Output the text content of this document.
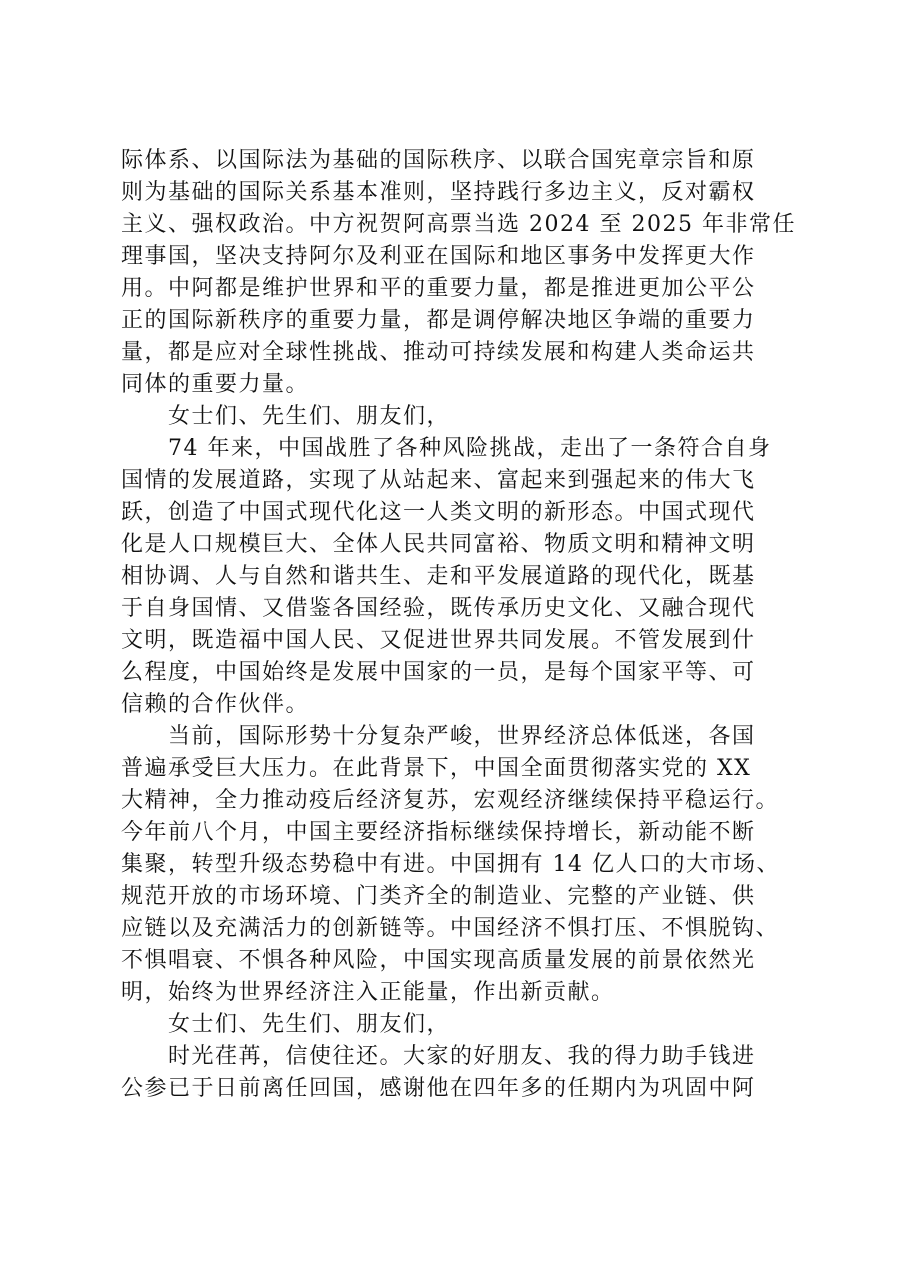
际体系、以国际法为基础的国际秩序、以联合国宪章宗旨和原
则为基础的国际关系基本准则，坚持践行多边主义，反对霸权
主义、强权政治。中方祝贺阿高票当选 2024 至 2025 年非常任
理事国，坚决支持阿尔及利亚在国际和地区事务中发挥更大作
用。中阿都是维护世界和平的重要力量，都是推进更加公平公
正的国际新秩序的重要力量，都是调停解决地区争端的重要力
量，都是应对全球性挑战、推动可持续发展和构建人类命运共
同体的重要力量。
女士们、先生们、朋友们，
74 年来，中国战胜了各种风险挑战，走出了一条符合自身
国情的发展道路，实现了从站起来、富起来到强起来的伟大飞
跃，创造了中国式现代化这一人类文明的新形态。中国式现代
化是人口规模巨大、全体人民共同富裕、物质文明和精神文明
相协调、人与自然和谐共生、走和平发展道路的现代化，既基
于自身国情、又借鉴各国经验，既传承历史文化、又融合现代
文明，既造福中国人民、又促进世界共同发展。不管发展到什
么程度，中国始终是发展中国家的一员，是每个国家平等、可
信赖的合作伙伴。
当前，国际形势十分复杂严峻，世界经济总体低迷，各国
普遍承受巨大压力。在此背景下，中国全面贯彻落实党的 XX
大精神，全力推动疫后经济复苏，宏观经济继续保持平稳运行。
今年前八个月，中国主要经济指标继续保持增长，新动能不断
集聚，转型升级态势稳中有进。中国拥有 14 亿人口的大市场、
规范开放的市场环境、门类齐全的制造业、完整的产业链、供
应链以及充满活力的创新链等。中国经济不惧打压、不惧脱钩、
不惧唱衰、不惧各种风险，中国实现高质量发展的前景依然光
明，始终为世界经济注入正能量，作出新贡献。
女士们、先生们、朋友们，
时光荏苒，信使往还。大家的好朋友、我的得力助手钱进
公参已于日前离任回国，感谢他在四年多的任期内为巩固中阿
